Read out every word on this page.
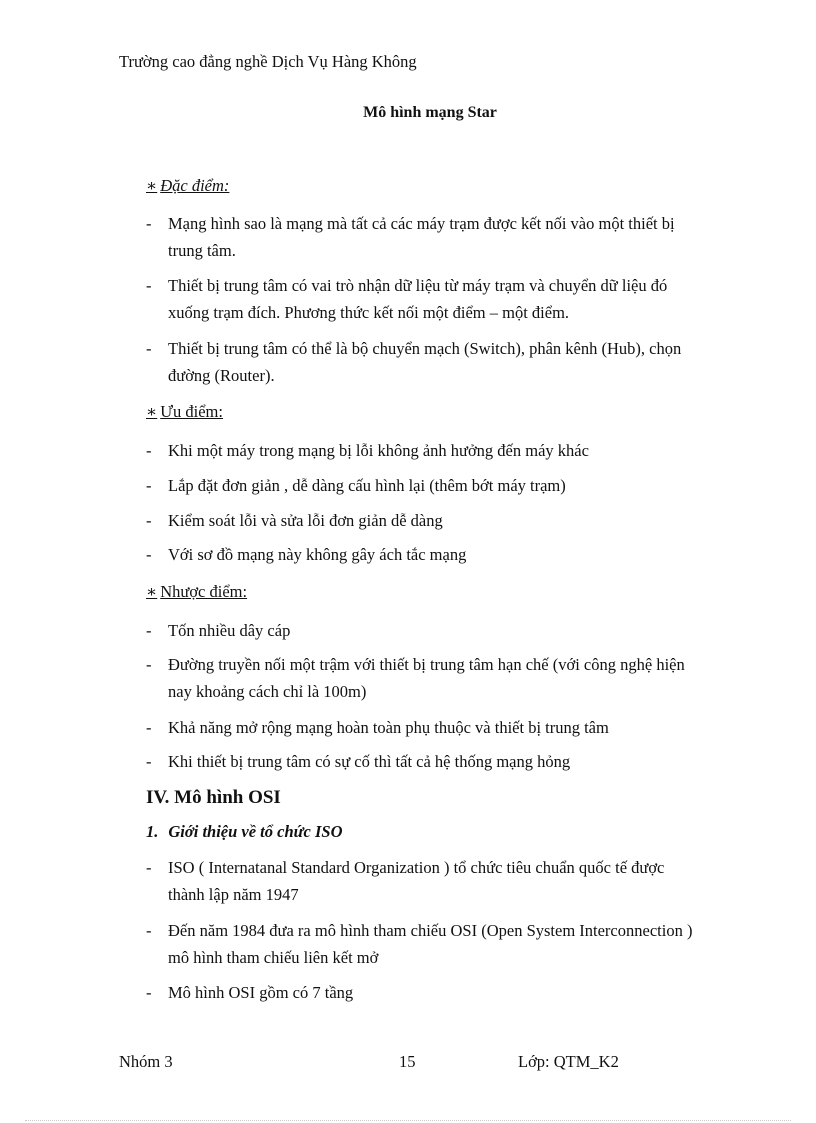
Trường cao đẳng nghề Dịch Vụ Hàng Không
Mô hình mạng Star
∗ Đặc điểm:
- Mạng hình sao là mạng mà tất cả các máy trạm được kết nối vào một thiết bị trung tâm.
- Thiết bị trung tâm có vai trò nhận dữ liệu từ máy trạm và chuyển dữ liệu đó xuống trạm đích. Phương thức kết nối một điểm – một điểm.
- Thiết bị trung tâm có thể là bộ chuyển mạch (Switch), phân kênh (Hub), chọn đường (Router).
∗ Ưu điểm:
- Khi một máy trong mạng bị lỗi không ảnh hưởng đến máy khác
- Lắp đặt đơn giản , dễ dàng cấu hình lại (thêm bớt máy trạm)
- Kiểm soát lỗi và sửa lỗi đơn giản dễ dàng
- Với sơ đồ mạng này không gây ách tắc mạng
∗ Nhược điểm:
- Tốn nhiều dây cáp
- Đường truyền nối một trậm với thiết bị trung tâm hạn chế (với công nghệ hiện nay khoảng cách chỉ là 100m)
- Khả năng mở rộng mạng hoàn toàn phụ thuộc và thiết bị trung tâm
- Khi thiết bị trung tâm có sự cố thì tất cả hệ thống mạng hỏng
IV. Mô hình OSI
1. Giới thiệu về tổ chức ISO
- ISO ( Internatanal Standard Organization ) tổ chức tiêu chuẩn quốc tế được thành lập năm 1947
- Đến năm 1984 đưa ra mô hình tham chiếu OSI (Open System Interconnection ) mô hình tham chiếu liên kết mở
- Mô hình OSI gồm có 7 tầng
Nhóm 3	15	Lớp: QTM_K2
